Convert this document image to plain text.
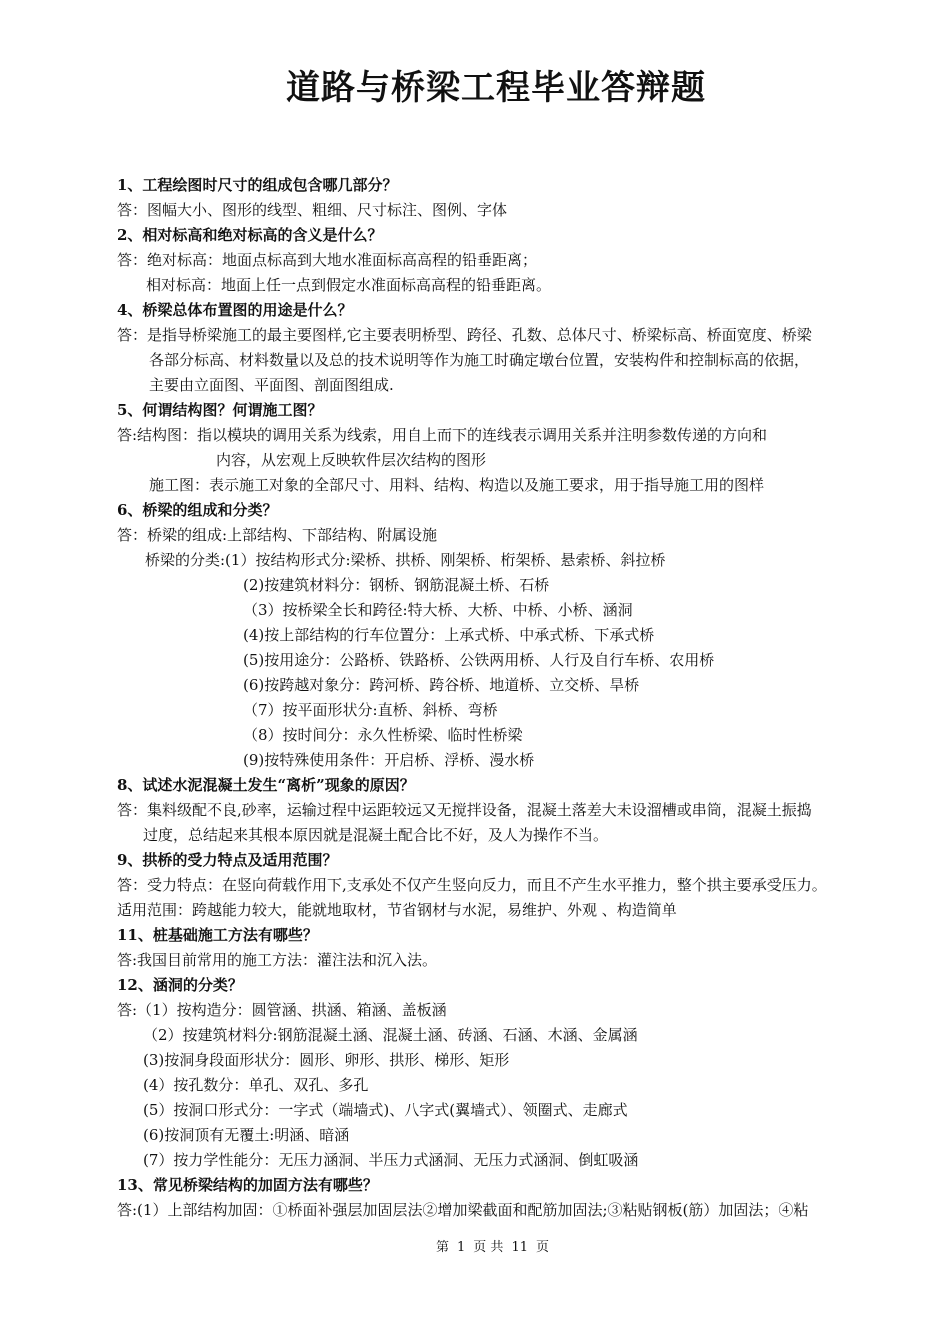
道路与桥梁工程毕业答辩题
1、工程绘图时尺寸的组成包含哪几部分？
答：图幅大小、图形的线型、粗细、尺寸标注、图例、字体
2、相对标高和绝对标高的含义是什么？
答：绝对标高：地面点标高到大地水准面标高高程的铅垂距离；
相对标高：地面上任一点到假定水准面标高高程的铅垂距离。
4、桥梁总体布置图的用途是什么？
答：是指导桥梁施工的最主要图样,它主要表明桥型、跨径、孔数、总体尺寸、桥梁标高、桥面宽度、桥梁
各部分标高、材料数量以及总的技术说明等作为施工时确定墩台位置，安装构件和控制标高的依据，
主要由立面图、平面图、剖面图组成.
5、何谓结构图？何谓施工图？
答:结构图：指以模块的调用关系为线索，用自上而下的连线表示调用关系并注明参数传递的方向和
内容，从宏观上反映软件层次结构的图形
施工图：表示施工对象的全部尺寸、用料、结构、构造以及施工要求，用于指导施工用的图样
6、桥梁的组成和分类？
答：桥梁的组成:上部结构、下部结构、附属设施
桥梁的分类:(1）按结构形式分:梁桥、拱桥、刚架桥、桁架桥、悬索桥、斜拉桥
(2)按建筑材料分：钢桥、钢筋混凝土桥、石桥
（3）按桥梁全长和跨径:特大桥、大桥、中桥、小桥、涵洞
(4)按上部结构的行车位置分：上承式桥、中承式桥、下承式桥
(5)按用途分：公路桥、铁路桥、公铁两用桥、人行及自行车桥、农用桥
(6)按跨越对象分：跨河桥、跨谷桥、地道桥、立交桥、旱桥
（7）按平面形状分:直桥、斜桥、弯桥
（8）按时间分：永久性桥梁、临时性桥梁
(9)按特殊使用条件：开启桥、浮桥、漫水桥
8、试述水泥混凝土发生“离析”现象的原因？
答：集料级配不良,砂率，运输过程中运距较远又无搅拌设备，混凝土落差大未设溜槽或串筒，混凝土振捣
过度，总结起来其根本原因就是混凝土配合比不好，及人为操作不当。
9、拱桥的受力特点及适用范围？
答：受力特点：在竖向荷载作用下,支承处不仅产生竖向反力，而且不产生水平推力，整个拱主要承受压力。
适用范围：跨越能力较大，能就地取材，节省钢材与水泥，易维护、外观 、构造简单
11、桩基础施工方法有哪些？
答:我国目前常用的施工方法：灌注法和沉入法。
12、涵洞的分类？
答:（1）按构造分：圆管涵、拱涵、箱涵、盖板涵
（2）按建筑材料分:钢筋混凝土涵、混凝土涵、砖涵、石涵、木涵、金属涵
(3)按洞身段面形状分：圆形、卵形、拱形、梯形、矩形
(4）按孔数分：单孔、双孔、多孔
(5）按洞口形式分：一字式（端墙式)、八字式(翼墙式）、领圈式、走廊式
(6)按洞顶有无覆土:明涵、暗涵
(7）按力学性能分：无压力涵洞、半压力式涵洞、无压力式涵洞、倒虹吸涵
13、常见桥梁结构的加固方法有哪些？
答:(1）上部结构加固：①桥面补强层加固层法②增加梁截面和配筋加固法;③粘贴钢板(筋）加固法；④粘
第 1 页 共 11 页
